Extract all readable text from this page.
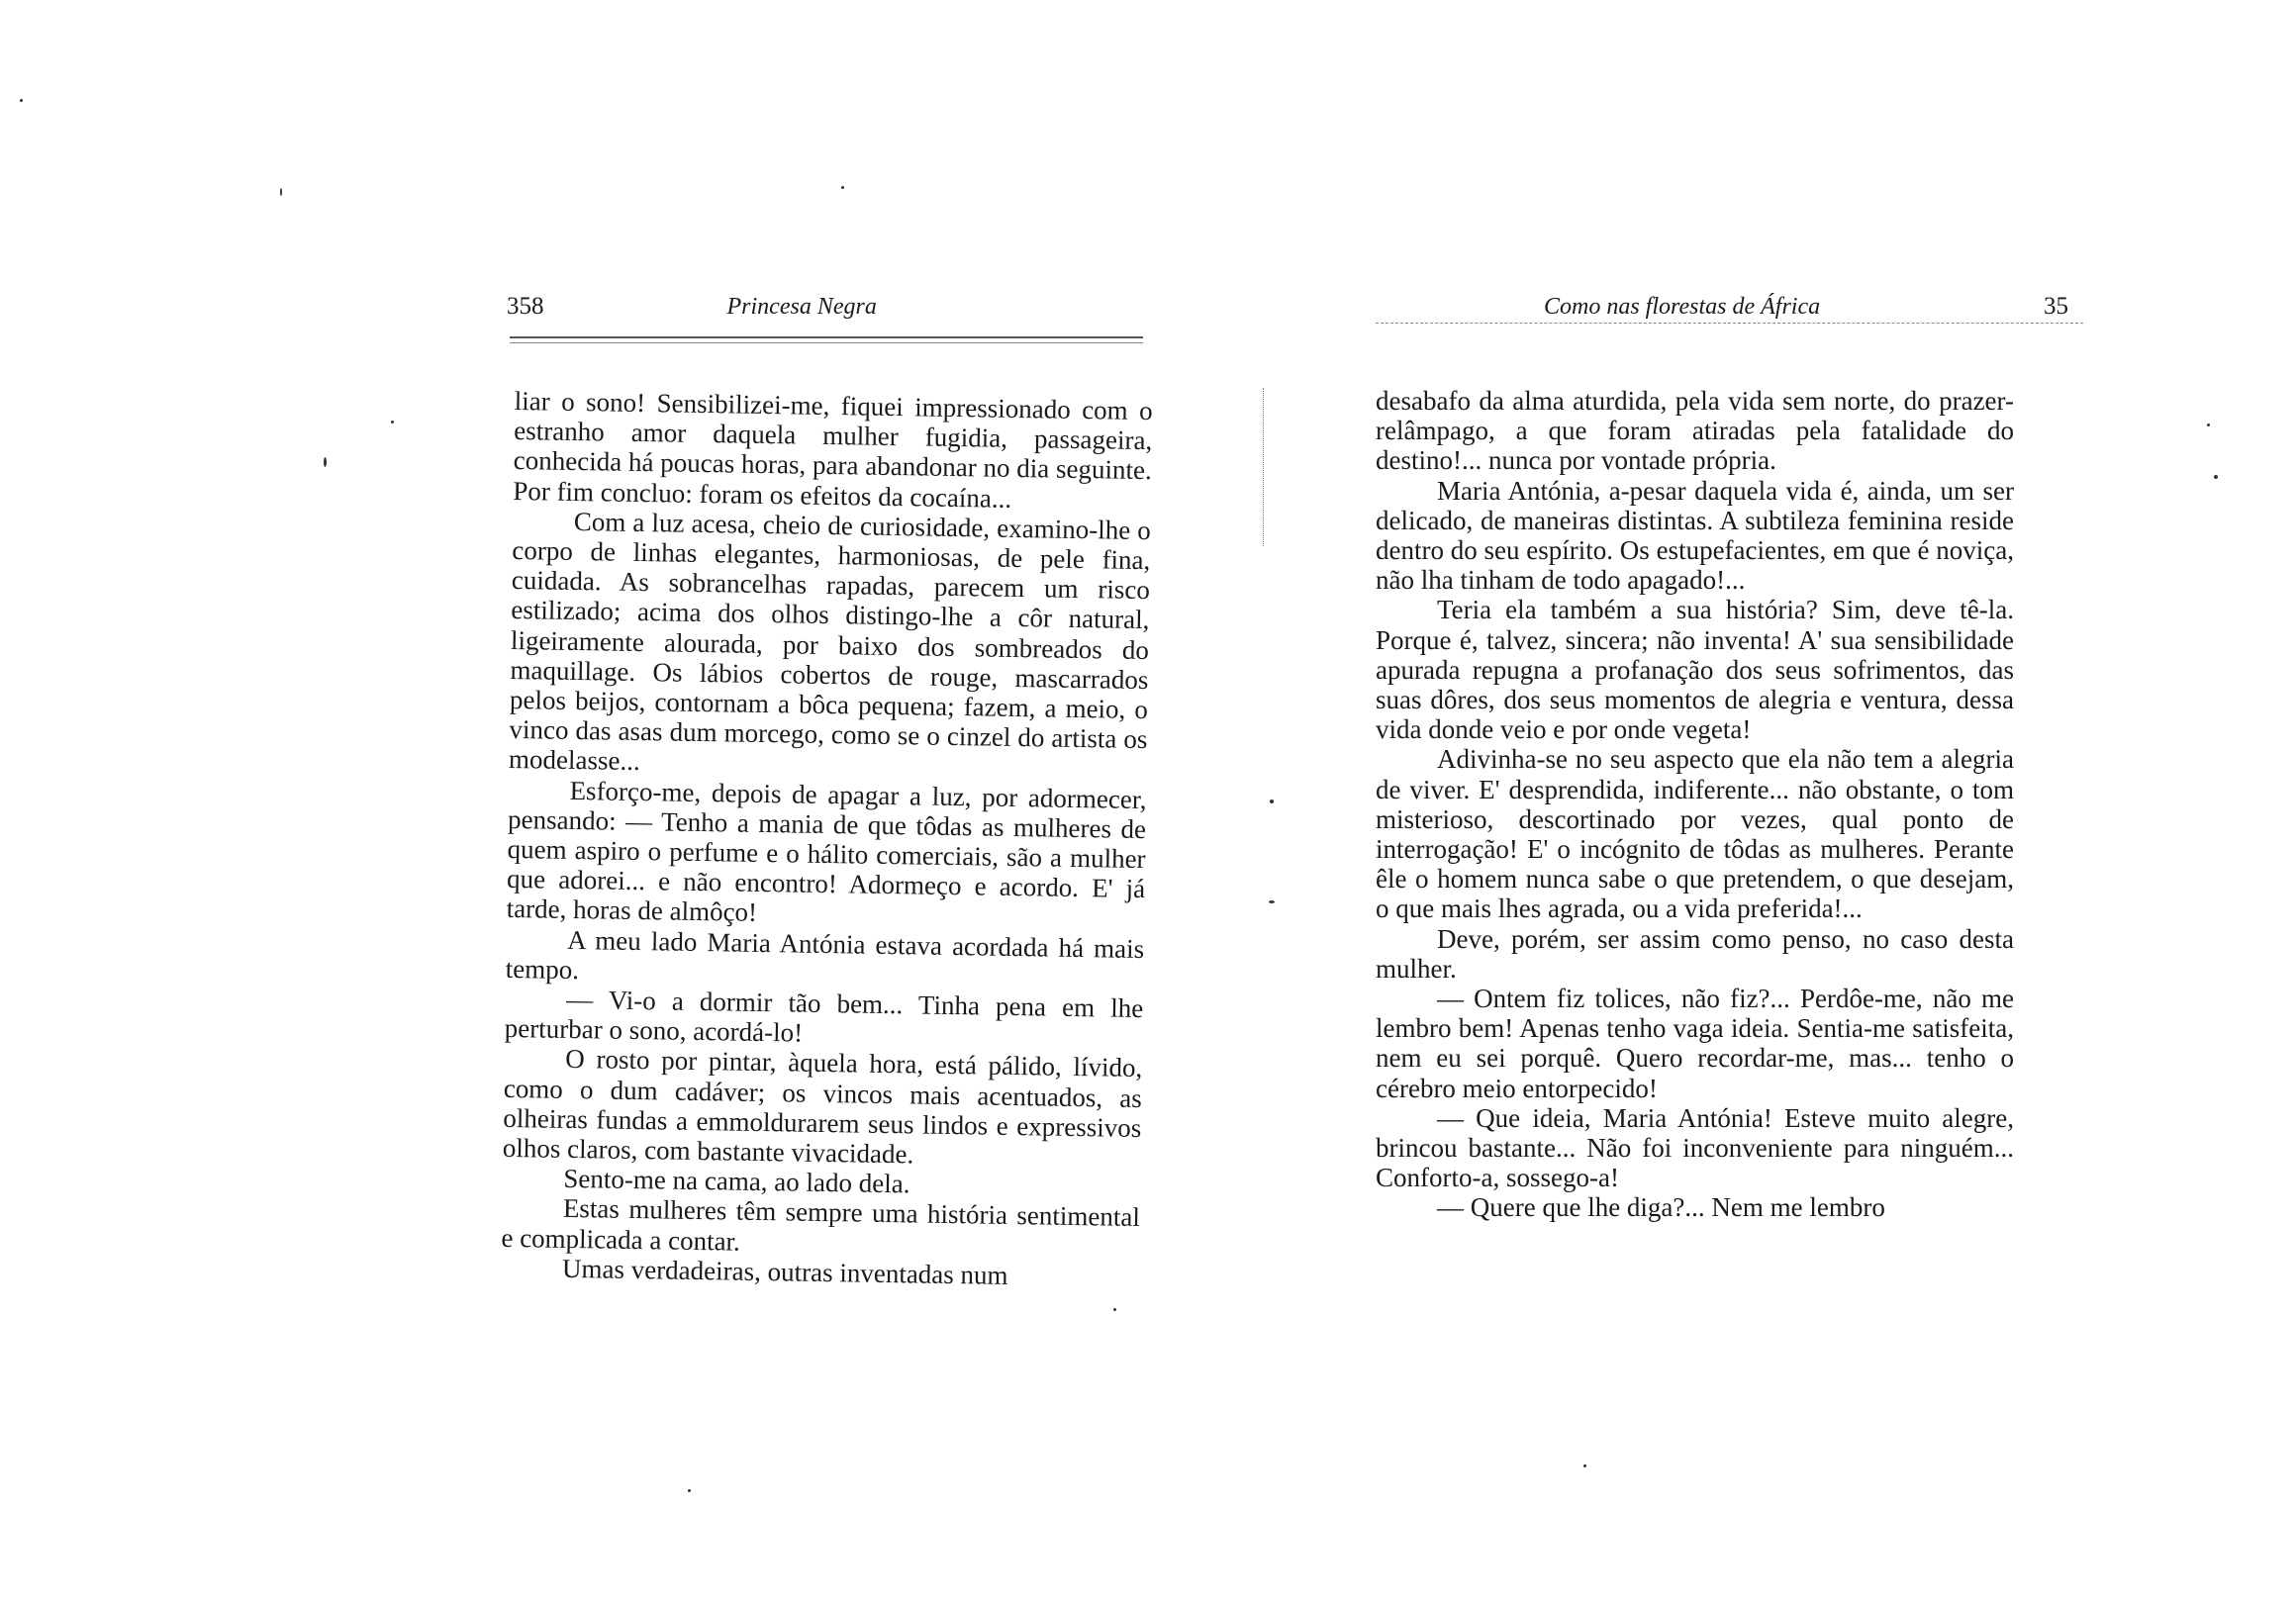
358	Princesa Negra

liar o sono! Sensibilizei-me, fiquei impressionado com o estranho amor daquela mulher fugidia, passageira, conhecida há poucas horas, para abandonar no dia seguinte. Por fim concluo: foram os efeitos da cocaína...

Com a luz acesa, cheio de curiosidade, examino-lhe o corpo de linhas elegantes, harmoniosas, de pele fina, cuidada. As sobrancelhas rapadas, parecem um risco estilizado; acima dos olhos distingo-lhe a côr natural, ligeiramente alourada, por baixo dos sombreados do maquillage. Os lábios cobertos de rouge, mascarrados pelos beijos, contornam a bôca pequena; fazem, a meio, o vinco das asas dum morcego, como se o cinzel do artista os modelasse...

Esforço-me, depois de apagar a luz, por adormecer, pensando: — Tenho a mania de que tôdas as mulheres de quem aspiro o perfume e o hálito comerciais, são a mulher que adorei... e não encontro! Adormeço e acordo. E' já tarde, horas de almôço!

A meu lado Maria Antónia estava acordada há mais tempo.

— Vi-o a dormir tão bem... Tinha pena em lhe perturbar o sono, acordá-lo!

O rosto por pintar, àquela hora, está pálido, lívido, como o dum cadáver; os vincos mais acentuados, as olheiras fundas a emmoldurarem seus lindos e expressivos olhos claros, com bastante vivacidade.

Sento-me na cama, ao lado dela.

Estas mulheres têm sempre uma história sentimental e complicada a contar.

Umas verdadeiras, outras inventadas num

Como nas florestas de África	35

desabafo da alma aturdida, pela vida sem norte, do prazer-relâmpago, a que foram atiradas pela fatalidade do destino!... nunca por vontade própria.

Maria Antónia, a-pesar daquela vida é, ainda, um ser delicado, de maneiras distintas. A subtileza feminina reside dentro do seu espírito. Os estupefacientes, em que é noviça, não lha tinham de todo apagado!...

Teria ela também a sua história? Sim, deve tê-la. Porque é, talvez, sincera; não inventa! A' sua sensibilidade apurada repugna a profanação dos seus sofrimentos, das suas dôres, dos seus momentos de alegria e ventura, dessa vida donde veio e por onde vegeta!

Adivinha-se no seu aspecto que ela não tem a alegria de viver. E' desprendida, indiferente... não obstante, o tom misterioso, descortinado por vezes, qual ponto de interrogação! E' o incógnito de tôdas as mulheres. Perante êle o homem nunca sabe o que pretendem, o que desejam, o que mais lhes agrada, ou a vida preferida!...

Deve, porém, ser assim como penso, no caso desta mulher.

— Ontem fiz tolices, não fiz?... Perdôe-me, não me lembro bem! Apenas tenho vaga ideia. Sentia-me satisfeita, nem eu sei porquê. Quero recordar-me, mas... tenho o cérebro meio entorpecido!

— Que ideia, Maria Antónia! Esteve muito alegre, brincou bastante... Não foi inconveniente para ninguém... Conforto-a, sossego-a!

— Quere que lhe diga?... Nem me lembro
